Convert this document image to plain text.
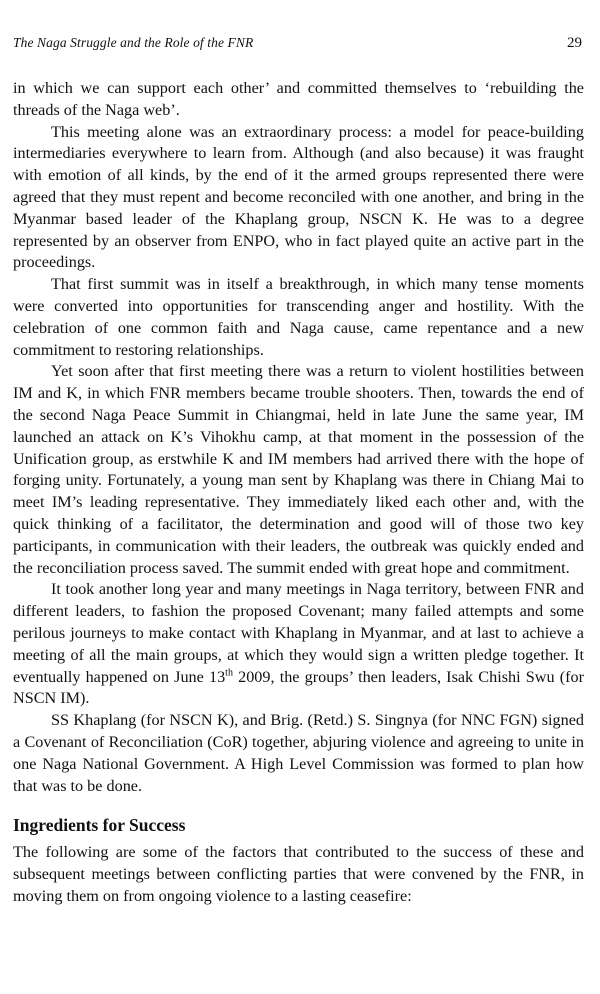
The Naga Struggle and the Role of the FNR	29

in which we can support each other’ and committed themselves to ‘rebuilding the threads of the Naga web’.

This meeting alone was an extraordinary process: a model for peace-building intermediaries everywhere to learn from. Although (and also because) it was fraught with emotion of all kinds, by the end of it the armed groups represented there were agreed that they must repent and become reconciled with one another, and bring in the Myanmar based leader of the Khaplang group, NSCN K. He was to a degree represented by an observer from ENPO, who in fact played quite an active part in the proceedings.

That first summit was in itself a breakthrough, in which many tense moments were converted into opportunities for transcending anger and hostility. With the celebration of one common faith and Naga cause, came repentance and a new commitment to restoring relationships.

Yet soon after that first meeting there was a return to violent hostilities between IM and K, in which FNR members became trouble shooters. Then, towards the end of the second Naga Peace Summit in Chiangmai, held in late June the same year, IM launched an attack on K’s Vihokhu camp, at that moment in the possession of the Unification group, as erstwhile K and IM members had arrived there with the hope of forging unity. Fortunately, a young man sent by Khaplang was there in Chiang Mai to meet IM’s leading representative. They immediately liked each other and, with the quick thinking of a facilitator, the determination and good will of those two key participants, in communication with their leaders, the outbreak was quickly ended and the reconciliation process saved. The summit ended with great hope and commitment.

It took another long year and many meetings in Naga territory, between FNR and different leaders, to fashion the proposed Covenant; many failed attempts and some perilous journeys to make contact with Khaplang in Myanmar, and at last to achieve a meeting of all the main groups, at which they would sign a written pledge together. It eventually happened on June 13th 2009, the groups’ then leaders, Isak Chishi Swu (for NSCN IM).

SS Khaplang (for NSCN K), and Brig. (Retd.) S. Singnya (for NNC FGN) signed a Covenant of Reconciliation (CoR) together, abjuring violence and agreeing to unite in one Naga National Government. A High Level Commission was formed to plan how that was to be done.

Ingredients for Success

The following are some of the factors that contributed to the success of these and subsequent meetings between conflicting parties that were convened by the FNR, in moving them on from ongoing violence to a lasting ceasefire:
